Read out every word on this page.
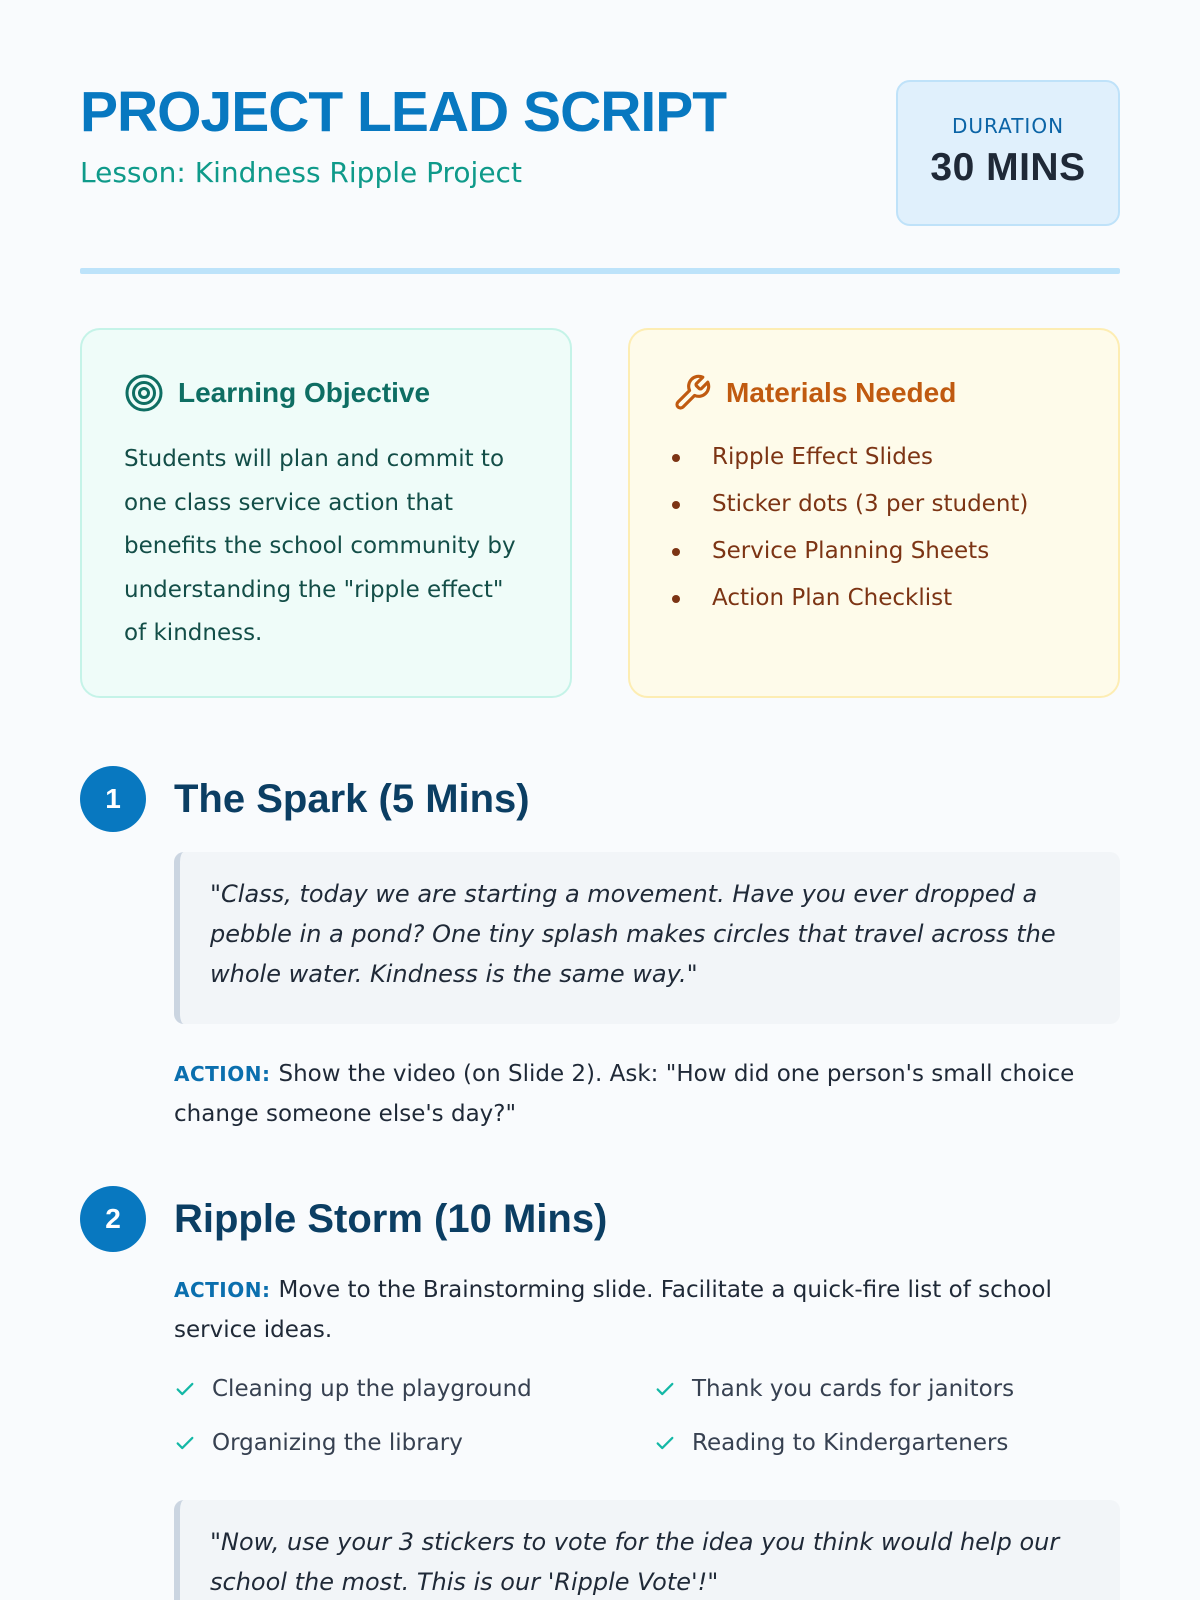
PROJECT LEAD SCRIPT
Lesson: Kindness Ripple Project
DURATION
30 MINS
Learning Objective

Students will plan and commit to one class service action that benefits the school community by understanding the "ripple effect" of kindness.

Materials Needed
Ripple Effect Slides
Sticker dots (3 per student)
Service Planning Sheets
Action Plan Checklist
1	The Spark (5 Mins)
"Class, today we are starting a movement. Have you ever dropped a pebble in a pond? One tiny splash makes circles that travel across the whole water. Kindness is the same way."

ACTION: Show the video (on Slide 2). Ask: "How did one person's small choice change someone else's day?"

2	Ripple Storm (10 Mins)

ACTION: Move to the Brainstorming slide. Facilitate a quick-fire list of school service ideas.

Cleaning up the playground	Thank you cards for janitors
Organizing the library	Reading to Kindergarteners
"Now, use your 3 stickers to vote for the idea you think would help our school the most. This is our 'Ripple Vote'!"
